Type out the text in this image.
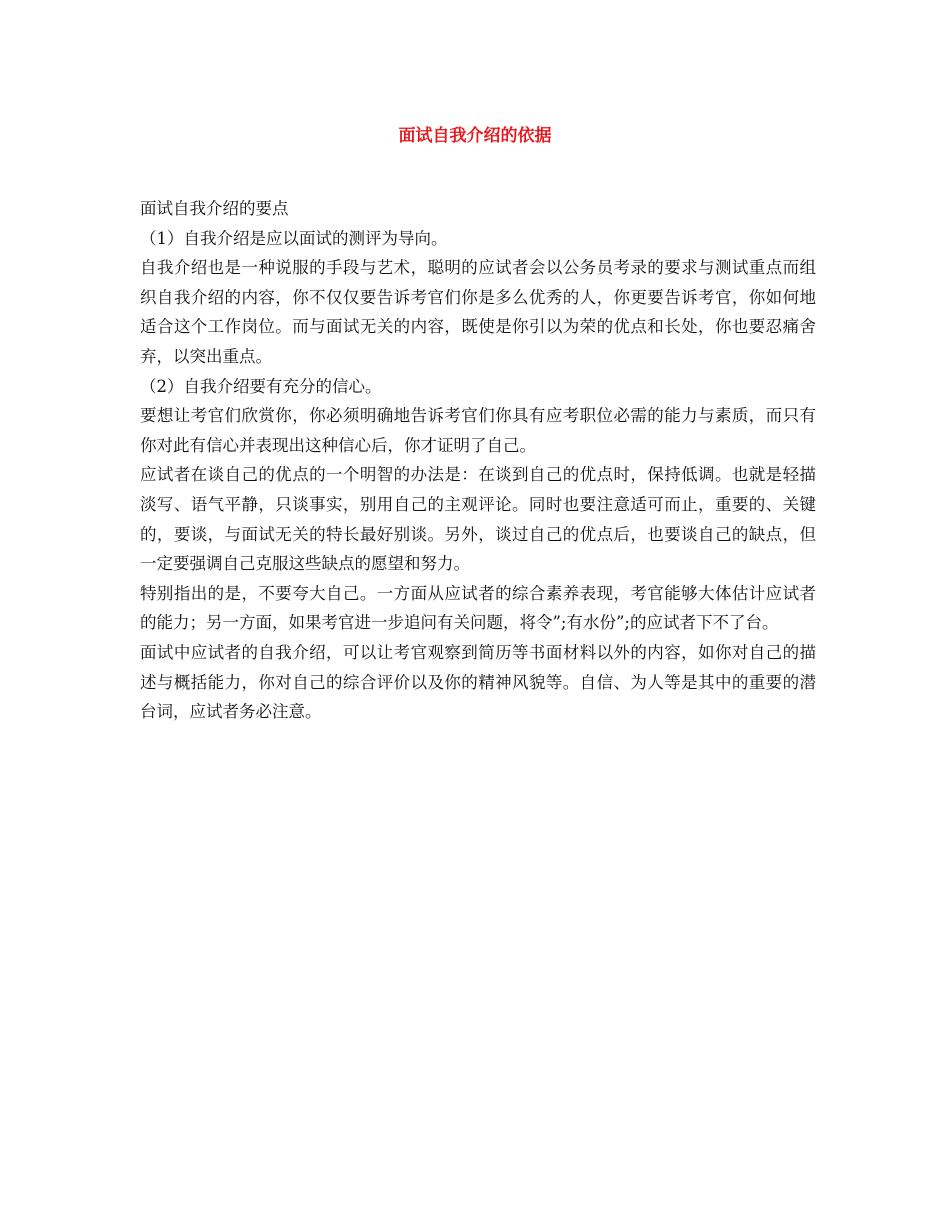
面试自我介绍的依据

面试自我介绍的要点

（1）自我介绍是应以面试的测评为导向。

自我介绍也是一种说服的手段与艺术，聪明的应试者会以公务员考录的要求与测试重点而组织自我介绍的内容，你不仅仅要告诉考官们你是多么优秀的人，你更要告诉考官，你如何地适合这个工作岗位。而与面试无关的内容，既使是你引以为荣的优点和长处，你也要忍痛舍弃，以突出重点。

（2）自我介绍要有充分的信心。

要想让考官们欣赏你，你必须明确地告诉考官们你具有应考职位必需的能力与素质，而只有你对此有信心并表现出这种信心后，你才证明了自己。

应试者在谈自己的优点的一个明智的办法是：在谈到自己的优点时，保持低调。也就是轻描淡写、语气平静，只谈事实，别用自己的主观评论。同时也要注意适可而止，重要的、关键的，要谈，与面试无关的特长最好别谈。另外，谈过自己的优点后，也要谈自己的缺点，但一定要强调自己克服这些缺点的愿望和努力。

特别指出的是，不要夸大自己。一方面从应试者的综合素养表现，考官能够大体估计应试者的能力；另一方面，如果考官进一步追问有关问题，将令”;有水份”;的应试者下不了台。

面试中应试者的自我介绍，可以让考官观察到简历等书面材料以外的内容，如你对自己的描述与概括能力，你对自己的综合评价以及你的精神风貌等。自信、为人等是其中的重要的潜台词，应试者务必注意。
